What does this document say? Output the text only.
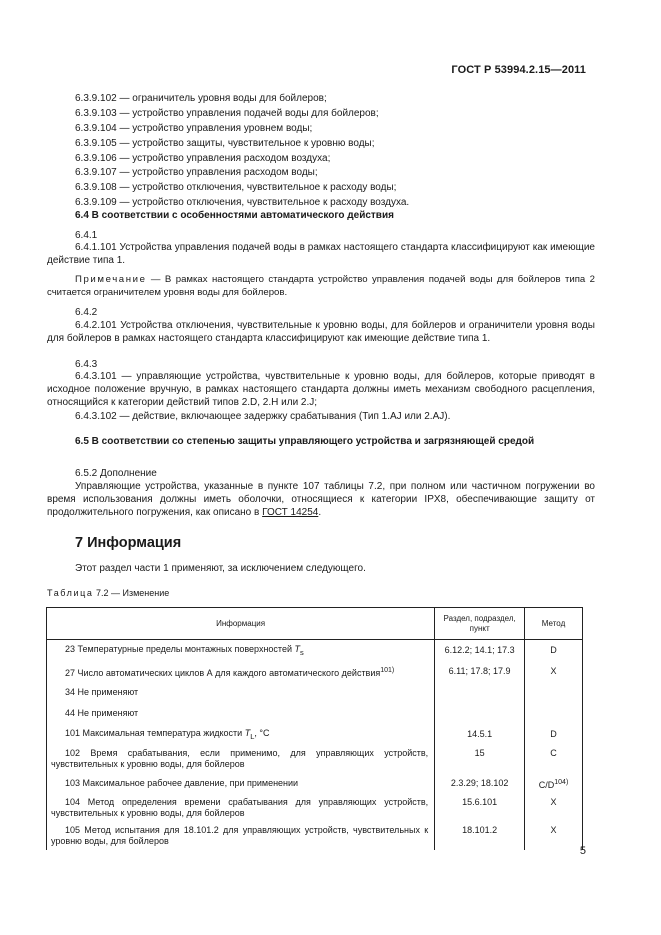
ГОСТ Р 53994.2.15—2011
6.3.9.102 — ограничитель уровня воды для бойлеров;
6.3.9.103 — устройство управления подачей воды для бойлеров;
6.3.9.104 — устройство управления уровнем воды;
6.3.9.105 — устройство защиты, чувствительное к уровню воды;
6.3.9.106 — устройство управления расходом воздуха;
6.3.9.107 — устройство управления расходом воды;
6.3.9.108 — устройство отключения, чувствительное к расходу воды;
6.3.9.109 — устройство отключения, чувствительное к расходу воздуха.
6.4 В соответствии с особенностями автоматического действия
6.4.1
6.4.1.101 Устройства управления подачей воды в рамках настоящего стандарта классифицируют как имеющие действие типа 1.
Примечание — В рамках настоящего стандарта устройство управления подачей воды для бойлеров типа 2 считается ограничителем уровня воды для бойлеров.
6.4.2
6.4.2.101 Устройства отключения, чувствительные к уровню воды, для бойлеров и ограничители уровня воды для бойлеров в рамках настоящего стандарта классифицируют как имеющие действие типа 1.
6.4.3
6.4.3.101 — управляющие устройства, чувствительные к уровню воды, для бойлеров, которые приводят в исходное положение вручную, в рамках настоящего стандарта должны иметь механизм свободного расцепления, относящийся к категории действий типов 2.D, 2.Н или 2.J;
6.4.3.102 — действие, включающее задержку срабатывания (Тип 1.AJ или 2.AJ).
6.5 В соответствии со степенью защиты управляющего устройства и загрязняющей средой
6.5.2 Дополнение
Управляющие устройства, указанные в пункте 107 таблицы 7.2, при полном или частичном погружении во время использования должны иметь оболочки, относящиеся к категории IPX8, обеспечивающие защиту от продолжительного погружения, как описано в ГОСТ 14254.
7 Информация
Этот раздел части 1 применяют, за исключением следующего.
Таблица 7.2 — Изменение
Информация	Раздел, подраздел, пункт	Метод
23 Температурные пределы монтажных поверхностей $T_s$	6.12.2; 14.1; 17.3	D
27 Число автоматических циклов А для каждого автоматического действия$^{101)}$	6.11; 17.8; 17.9	X
34 Не применяют		
44 Не применяют		
101 Максимальная температура жидкости $T_L$, °С	14.5.1	D
102 Время срабатывания, если применимо, для управляющих устройств, чувствительных к уровню воды, для бойлеров	15	C
103 Максимальное рабочее давление, при применении	2.3.29; 18.102	$C/D^{104)}$
104 Метод определения времени срабатывания для управляющих устройств, чувствительных к уровню воды, для бойлеров	15.6.101	X
105 Метод испытания для 18.101.2 для управляющих устройств, чувствительных к уровню воды, для бойлеров	18.101.2	X
5
